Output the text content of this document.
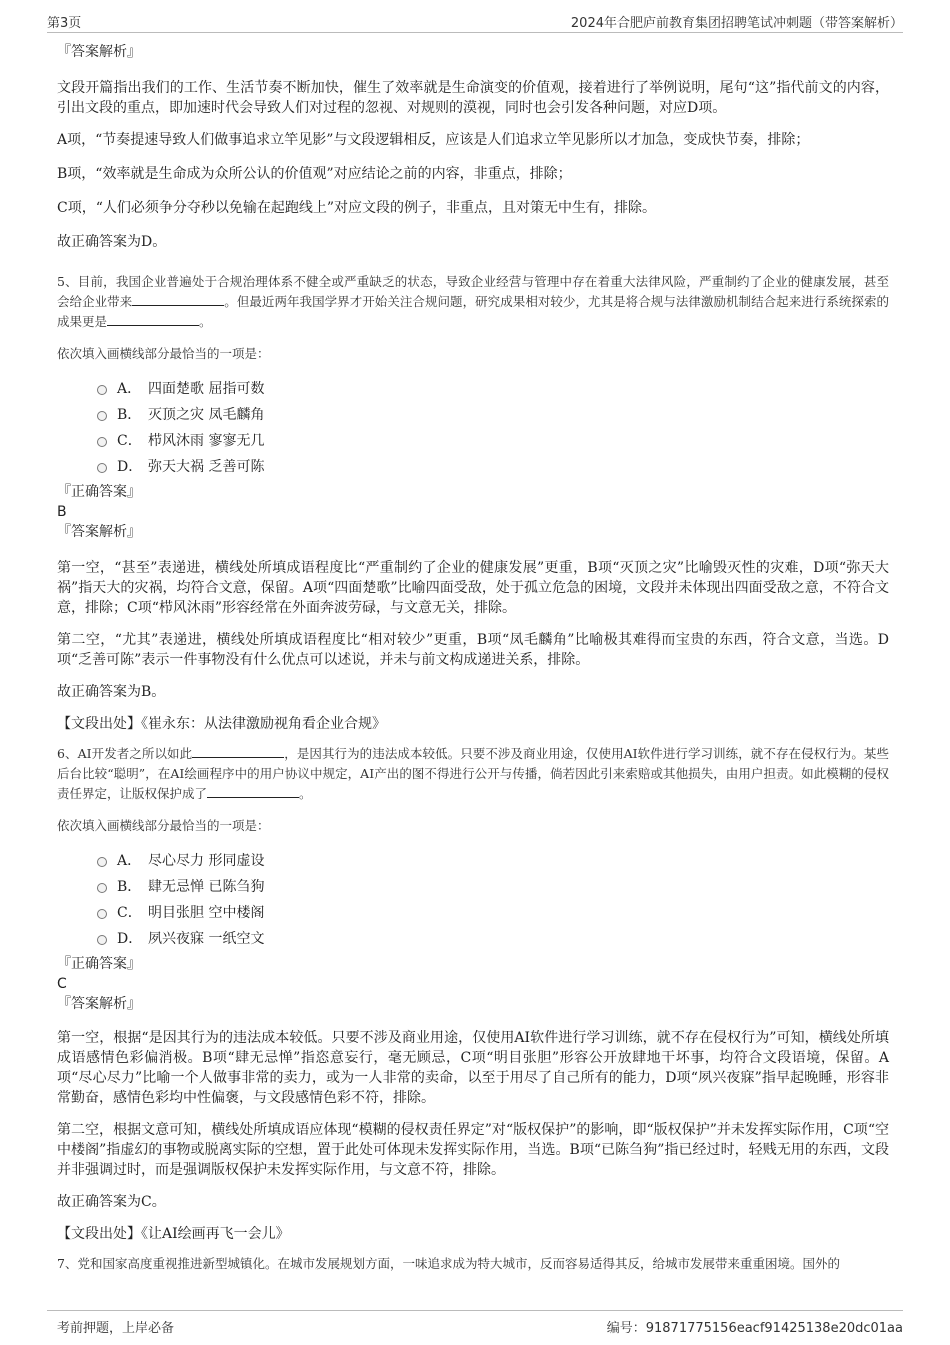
第3页	2024年合肥庐前教育集团招聘笔试冲刺题（带答案解析）

『答案解析』

文段开篇指出我们的工作、生活节奏不断加快，催生了效率就是生命演变的价值观，接着进行了举例说明，尾句“这”指代前文的内容，引出文段的重点，即加速时代会导致人们对过程的忽视、对规则的漠视，同时也会引发各种问题，对应D项。

A项，“节奏提速导致人们做事追求立竿见影”与文段逻辑相反，应该是人们追求立竿见影所以才加急，变成快节奏，排除；

B项，“效率就是生命成为众所公认的价值观”对应结论之前的内容，非重点，排除；

C项，“人们必须争分夺秒以免输在起跑线上”对应文段的例子，非重点，且对策无中生有，排除。

故正确答案为D。

5、目前，我国企业普遍处于合规治理体系不健全或严重缺乏的状态，导致企业经营与管理中存在着重大法律风险，严重制约了企业的健康发展，甚至会给企业带来	。但最近两年我国学界才开始关注合规问题，研究成果相对较少，尤其是将合规与法律激励机制结合起来进行系统探索的成果更是	。

依次填入画横线部分最恰当的一项是：

A． 四面楚歌 屈指可数
B． 灭顶之灾 凤毛麟角
C． 栉风沐雨 寥寥无几
D． 弥天大祸 乏善可陈

『正确答案』

B

『答案解析』

第一空，“甚至”表递进，横线处所填成语程度比“严重制约了企业的健康发展”更重，B项“灭顶之灾”比喻毁灭性的灾难，D项“弥天大祸”指天大的灾祸，均符合文意，保留。A项“四面楚歌”比喻四面受敌，处于孤立危急的困境，文段并未体现出四面受敌之意，不符合文意，排除；C项“栉风沐雨”形容经常在外面奔波劳碌，与文意无关，排除。

第二空，“尤其”表递进，横线处所填成语程度比“相对较少”更重，B项“凤毛麟角”比喻极其难得而宝贵的东西，符合文意，当选。D项“乏善可陈”表示一件事物没有什么优点可以述说，并未与前文构成递进关系，排除。

故正确答案为B。

【文段出处】《崔永东：从法律激励视角看企业合规》

6、AI开发者之所以如此	，是因其行为的违法成本较低。只要不涉及商业用途，仅使用AI软件进行学习训练，就不存在侵权行为。某些后台比较“聪明”，在AI绘画程序中的用户协议中规定，AI产出的图不得进行公开与传播，倘若因此引来索赔或其他损失，由用户担责。如此模糊的侵权责任界定，让版权保护成了	。

依次填入画横线部分最恰当的一项是：

A． 尽心尽力 形同虚设
B． 肆无忌惮 已陈刍狗
C． 明目张胆 空中楼阁
D． 夙兴夜寐 一纸空文

『正确答案』

C

『答案解析』

第一空，根据“是因其行为的违法成本较低。只要不涉及商业用途，仅使用AI软件进行学习训练，就不存在侵权行为”可知，横线处所填成语感情色彩偏消极。B项“肆无忌惮”指恣意妄行，毫无顾忌，C项“明目张胆”形容公开放肆地干坏事，均符合文段语境，保留。A项“尽心尽力”比喻一个人做事非常的卖力，或为一人非常的卖命，以至于用尽了自己所有的能力，D项“夙兴夜寐”指早起晚睡，形容非常勤奋，感情色彩均中性偏褒，与文段感情色彩不符，排除。

第二空，根据文意可知，横线处所填成语应体现“模糊的侵权责任界定”对“版权保护”的影响，即“版权保护”并未发挥实际作用，C项“空中楼阁”指虚幻的事物或脱离实际的空想，置于此处可体现未发挥实际作用，当选。B项“已陈刍狗”指已经过时，轻贱无用的东西，文段并非强调过时，而是强调版权保护未发挥实际作用，与文意不符，排除。

故正确答案为C。

【文段出处】《让AI绘画再飞一会儿》

7、党和国家高度重视推进新型城镇化。在城市发展规划方面，一味追求成为特大城市，反而容易适得其反，给城市发展带来重重困境。国外的

考前押题，上岸必备	编号：91871775156eacf91425138e20dc01aa
